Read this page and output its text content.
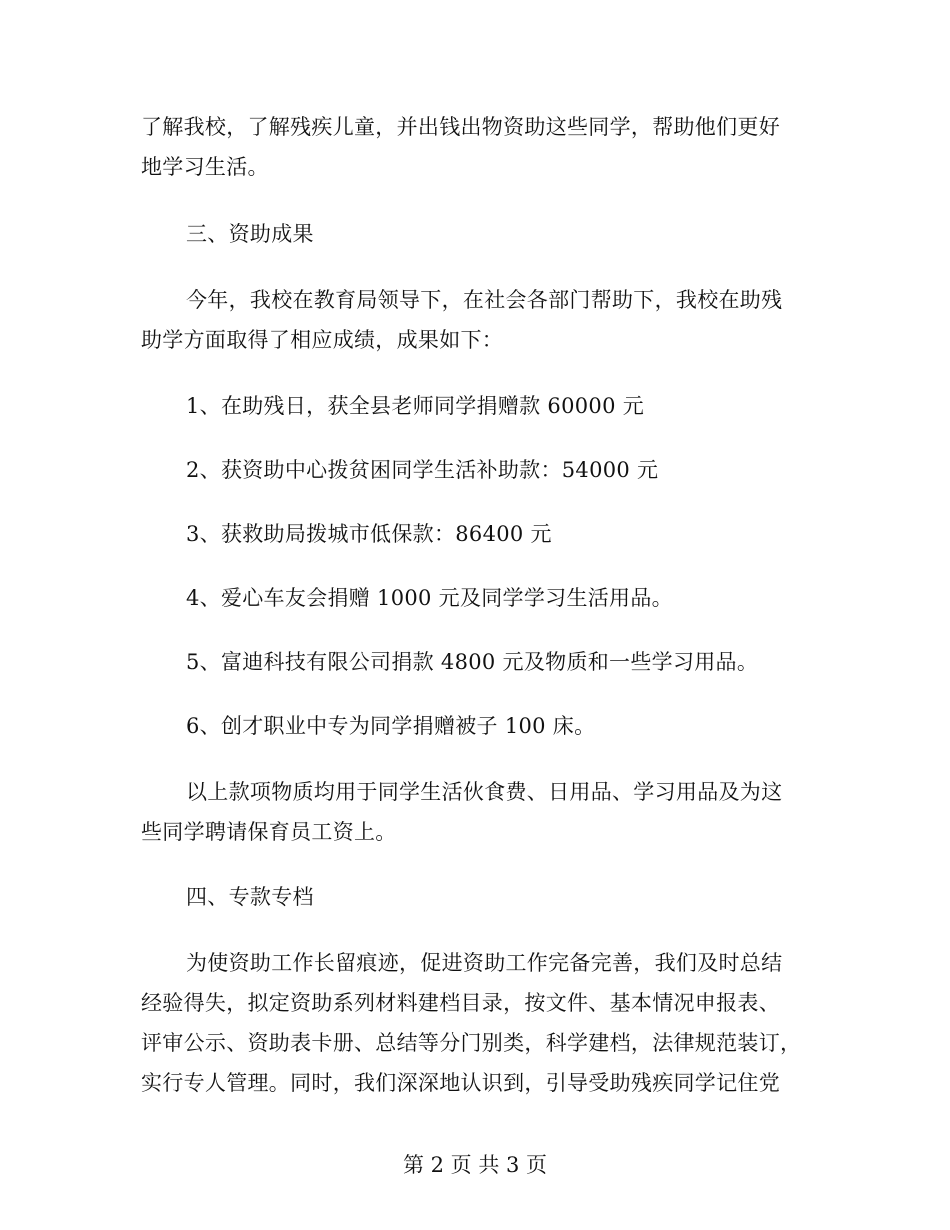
了解我校，了解残疾儿童，并出钱出物资助这些同学，帮助他们更好
地学习生活。
三、资助成果
今年，我校在教育局领导下，在社会各部门帮助下，我校在助残
助学方面取得了相应成绩，成果如下：
1、在助残日，获全县老师同学捐赠款 60000 元
2、获资助中心拨贫困同学生活补助款：54000 元
3、获救助局拨城市低保款：86400 元
4、爱心车友会捐赠 1000 元及同学学习生活用品。
5、富迪科技有限公司捐款 4800 元及物质和一些学习用品。
6、创才职业中专为同学捐赠被子 100 床。
以上款项物质均用于同学生活伙食费、日用品、学习用品及为这
些同学聘请保育员工资上。
四、专款专档
为使资助工作长留痕迹，促进资助工作完备完善，我们及时总结
经验得失，拟定资助系列材料建档目录，按文件、基本情况申报表、
评审公示、资助表卡册、总结等分门别类，科学建档，法律规范装订，
实行专人管理。同时，我们深深地认识到，引导受助残疾同学记住党
第 2 页 共 3 页
